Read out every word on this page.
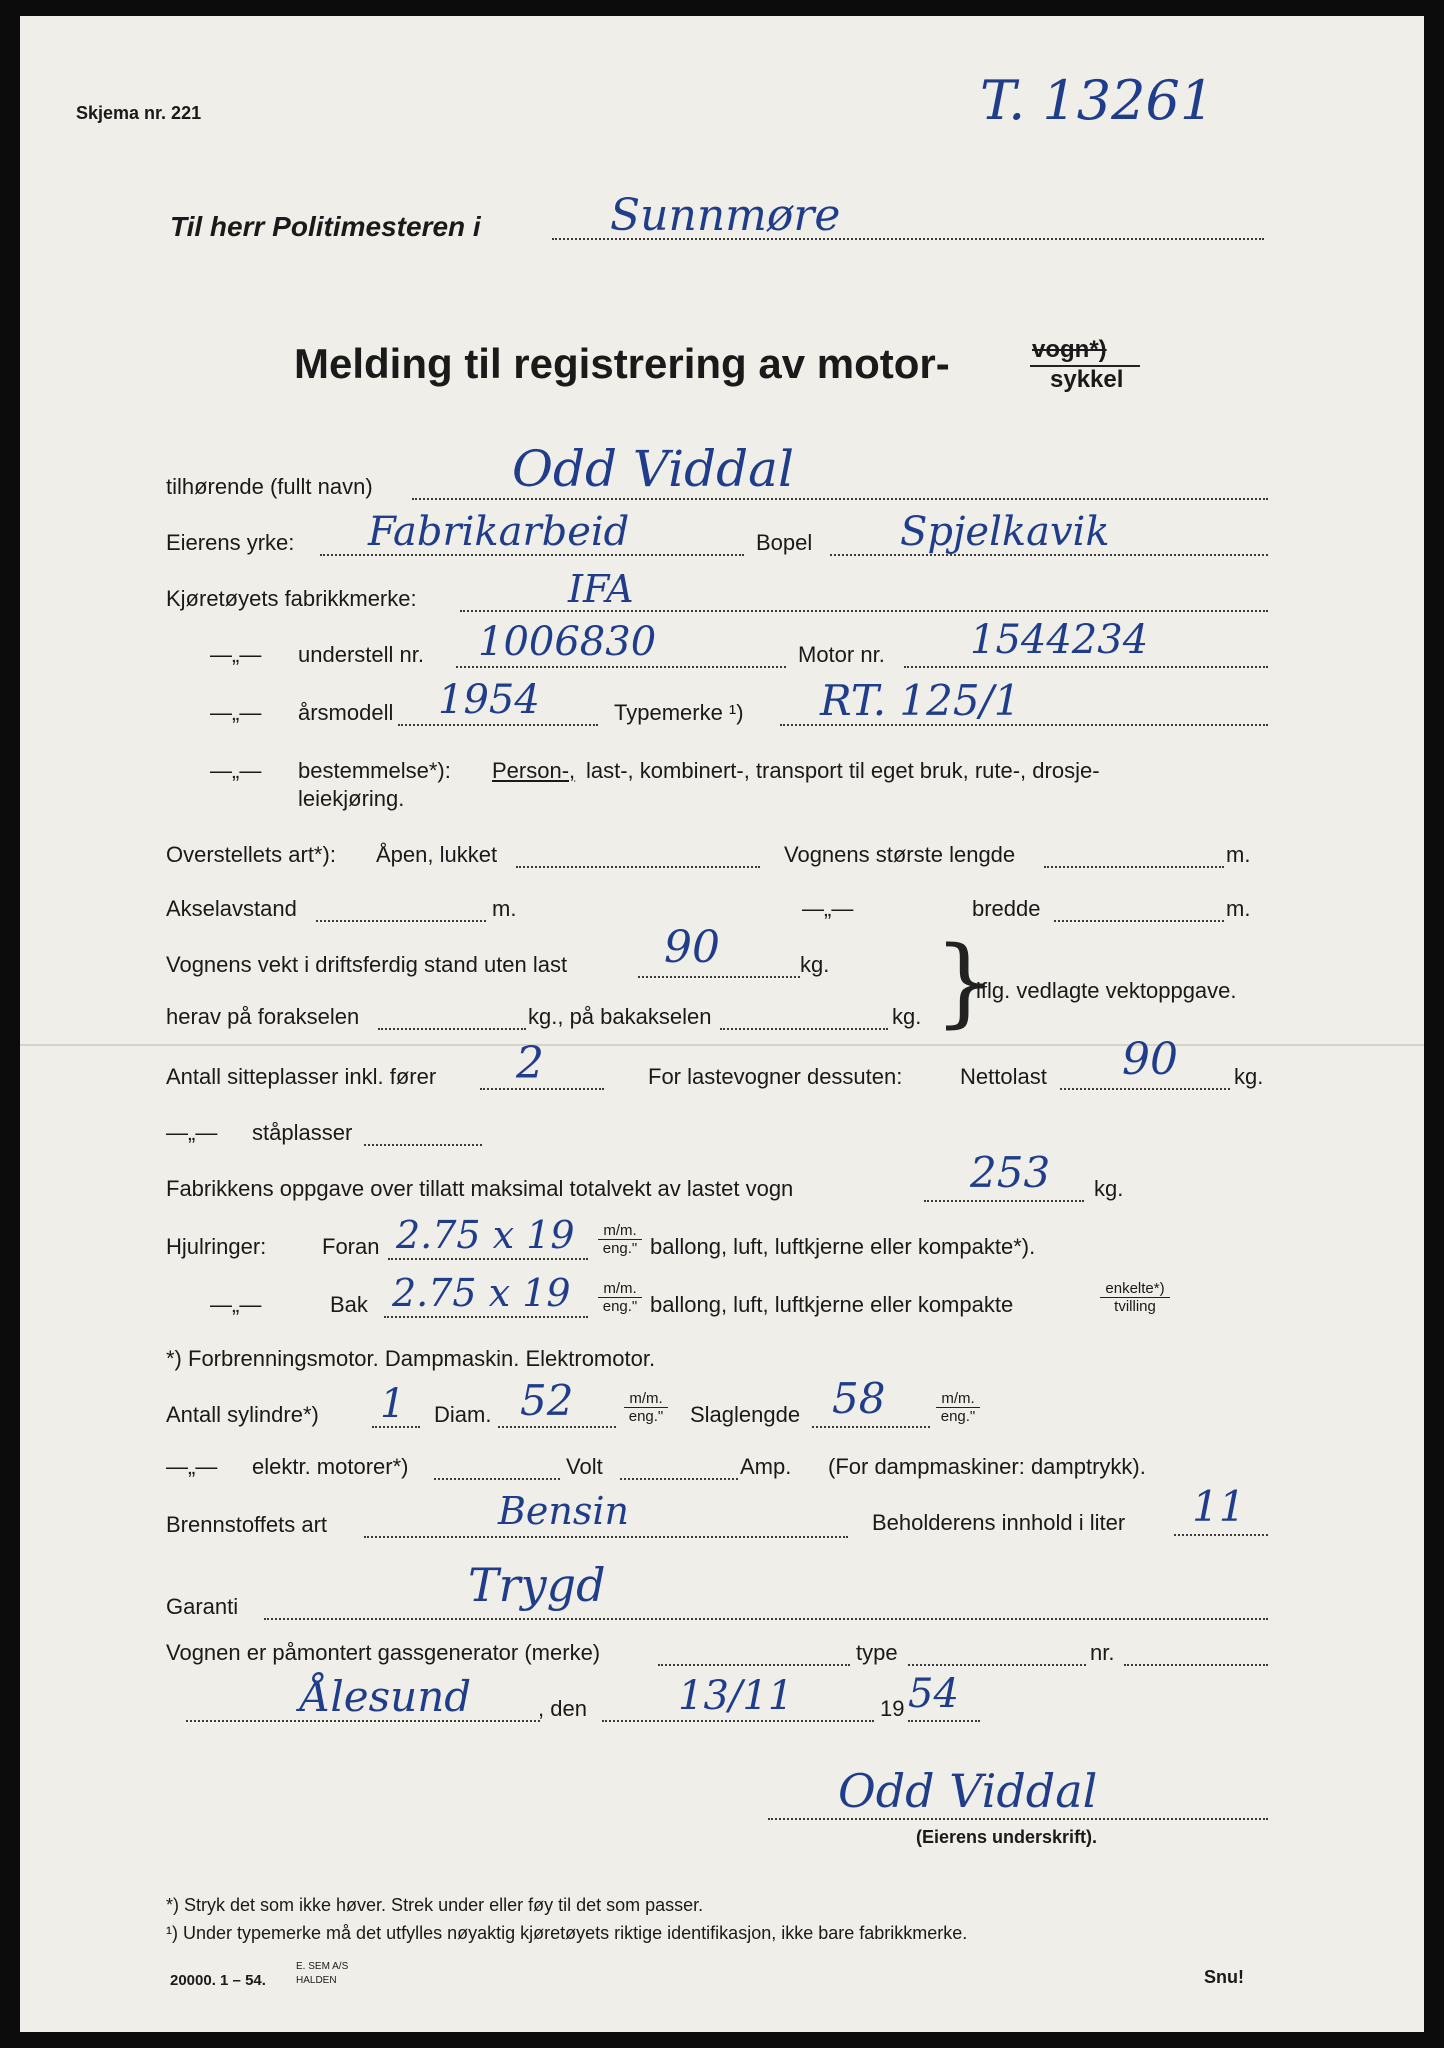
Skjema nr. 221	T. 13261
Til herr Politimesteren i	Sunnmøre
Melding til registrering av motor-	vogn*)
sykkel
tilhørende (fullt navn)	Odd Viddal
Eierens yrke: Fabrikarbeid	Bopel Spjelkavik
Kjøretøyets fabrikkmerke:	IFA
—„— understell nr. 1006830	Motor nr. 1544234
—„— årsmodell 1954	Typemerke ¹) RT. 125/1
—„— bestemmelse*): Person-, last-, kombinert-, transport til eget bruk, rute-, drosje-
leiekjøring.
Overstellets art*): Åpen, lukket	Vognens største lengde	m.
Akselavstand	m.	—„—	bredde	m.
Vognens vekt i driftsferdig stand uten last 90	kg.
herav på forakselen	kg., på bakakselen	kg. }
iflg. vedlagte vektoppgave.
Antall sitteplasser inkl. fører 2	For lastevogner dessuten:	Nettolast 90	kg.
—„— ståplasser
Fabrikkens oppgave over tillatt maksimal totalvekt av lastet vogn	253 kg.
Hjulringer:	Foran 2.75 x 19	m/m.
eng." ballong, luft, luftkjerne eller kompakte*).
—„—	Bak 2.75 x 19	m/m.
eng." ballong, luft, luftkjerne eller kompakte
enkelte*)
tvilling
*) Forbrenningsmotor. Dampmaskin. Elektromotor.
Antall sylindre*) 1 Diam. 52	m/m.
eng." Slaglengde 58	m/m.
eng."
—„— elektr. motorer*)	Volt	Amp. (For dampmaskiner: damptrykk).
Brennstoffets art	Bensin	Beholderens innhold i liter 11
Garanti	Trygd
Vognen er påmontert gassgenerator (merke)	type	nr.
Ålesund	, den 13/11	19 54
Odd Viddal
(Eierens underskrift).
*) Stryk det som ikke høver. Strek under eller føy til det som passer.
¹) Under typemerke må det utfylles nøyaktig kjøretøyets riktige identifikasjon, ikke bare fabrikkmerke.
20000. 1 – 54.
E. SEM A/S
HALDEN	Snu!
